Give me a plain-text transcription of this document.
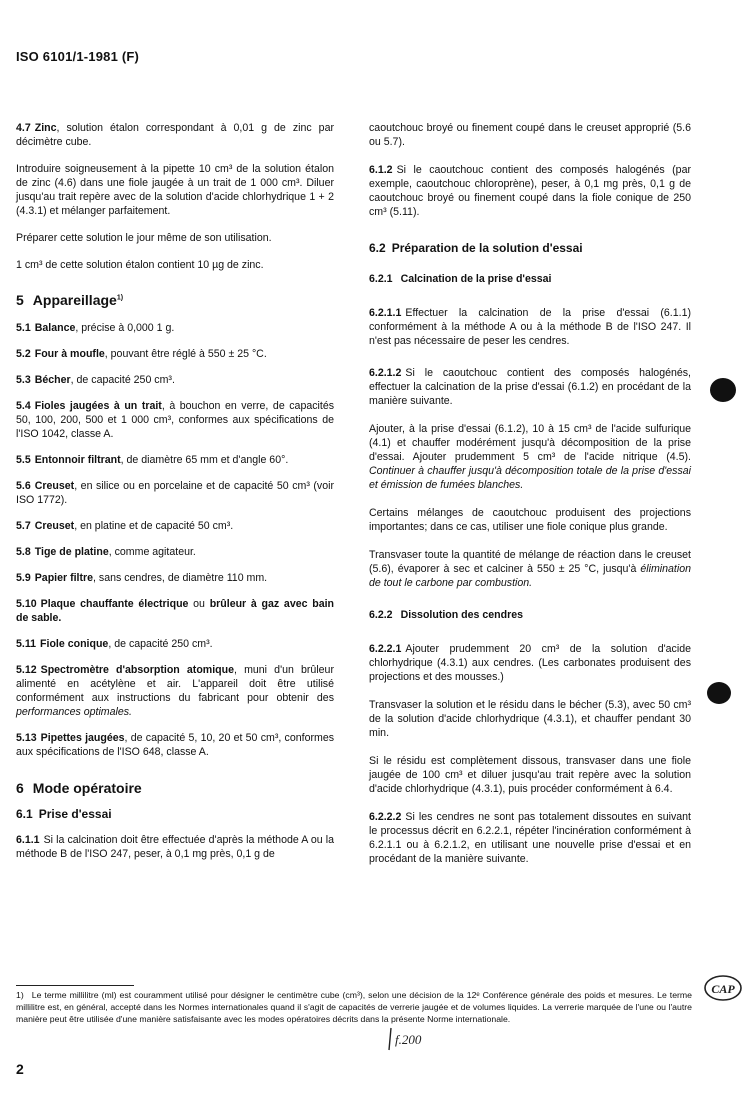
ISO 6101/1-1981 (F)

4.7 Zinc, solution étalon correspondant à 0,01 g de zinc par décimètre cube.

Introduire soigneusement à la pipette 10 cm³ de la solution étalon de zinc (4.6) dans une fiole jaugée à un trait de 1 000 cm³. Diluer jusqu'au trait repère avec de la solution d'acide chlorhydrique 1 + 2 (4.3.1) et mélanger parfaitement.

Préparer cette solution le jour même de son utilisation.

1 cm³ de cette solution étalon contient 10 µg de zinc.

5 Appareillage$^{1)}$

5.1 Balance, précise à 0,000 1 g.

5.2 Four à moufle, pouvant être réglé à 550 ± 25 °C.

5.3 Bécher, de capacité 250 cm³.

5.4 Fioles jaugées à un trait, à bouchon en verre, de capacités 50, 100, 200, 500 et 1 000 cm³, conformes aux spécifications de l'ISO 1042, classe A.

5.5 Entonnoir filtrant, de diamètre 65 mm et d'angle 60°.

5.6 Creuset, en silice ou en porcelaine et de capacité 50 cm³ (voir ISO 1772).

5.7 Creuset, en platine et de capacité 50 cm³.

5.8 Tige de platine, comme agitateur.

5.9 Papier filtre, sans cendres, de diamètre 110 mm.

5.10 Plaque chauffante électrique ou brûleur à gaz avec bain de sable.

5.11 Fiole conique, de capacité 250 cm³.

5.12 Spectromètre d'absorption atomique, muni d'un brûleur alimenté en acétylène et air. L'appareil doit être utilisé conformément aux instructions du fabricant pour obtenir des performances optimales.

5.13 Pipettes jaugées, de capacité 5, 10, 20 et 50 cm³, conformes aux spécifications de l'ISO 648, classe A.

6 Mode opératoire
6.1 Prise d'essai

6.1.1 Si la calcination doit être effectuée d'après la méthode A ou la méthode B de l'ISO 247, peser, à 0,1 mg près, 0,1 g de

caoutchouc broyé ou finement coupé dans le creuset approprié (5.6 ou 5.7).

6.1.2 Si le caoutchouc contient des composés halogénés (par exemple, caoutchouc chloroprène), peser, à 0,1 mg près, 0,1 g de caoutchouc broyé ou finement coupé dans la fiole conique de 250 cm³ (5.11).

6.2 Préparation de la solution d'essai
6.2.1 Calcination de la prise d'essai

6.2.1.1 Effectuer la calcination de la prise d'essai (6.1.1) conformément à la méthode A ou à la méthode B de l'ISO 247. Il n'est pas nécessaire de peser les cendres.

6.2.1.2 Si le caoutchouc contient des composés halogénés, effectuer la calcination de la prise d'essai (6.1.2) en procédant de la manière suivante.

Ajouter, à la prise d'essai (6.1.2), 10 à 15 cm³ de l'acide sulfurique (4.1) et chauffer modérément jusqu'à décomposition de la prise d'essai. Ajouter prudemment 5 cm³ de l'acide nitrique (4.5). Continuer à chauffer jusqu'à décomposition totale de la prise d'essai et émission de fumées blanches.

Certains mélanges de caoutchouc produisent des projections importantes; dans ce cas, utiliser une fiole conique plus grande.

Transvaser toute la quantité de mélange de réaction dans le creuset (5.6), évaporer à sec et calciner à 550 ± 25 °C, jusqu'à élimination de tout le carbone par combustion.

6.2.2 Dissolution des cendres

6.2.2.1 Ajouter prudemment 20 cm³ de la solution d'acide chlorhydrique (4.3.1) aux cendres. (Les carbonates produisent des projections et des mousses.)

Transvaser la solution et le résidu dans le bécher (5.3), avec 50 cm³ de la solution d'acide chlorhydrique (4.3.1), et chauffer pendant 30 min.

Si le résidu est complètement dissous, transvaser dans une fiole jaugée de 100 cm³ et diluer jusqu'au trait repère avec la solution d'acide chlorhydrique (4.3.1), puis procéder conformément à 6.4.

6.2.2.2 Si les cendres ne sont pas totalement dissoutes en suivant le processus décrit en 6.2.2.1, répéter l'incinération conformément à 6.2.1.1 ou à 6.2.1.2, en utilisant une nouvelle prise d'essai et en procédant de la manière suivante.

1) Le terme millilitre (ml) est couramment utilisé pour désigner le centimètre cube (cm³), selon une décision de la 12ᵉ Conférence générale des poids et mesures. Le terme millilitre est, en général, accepté dans les Normes internationales quand il s'agit de capacités de verrerie jaugée et de volumes liquides. La verrerie marquée de l'une ou l'autre manière peut être utilisée d'une manière satisfaisante avec les modes opératoires décrits dans la présente Norme internationale.
2
CAP
f.200
